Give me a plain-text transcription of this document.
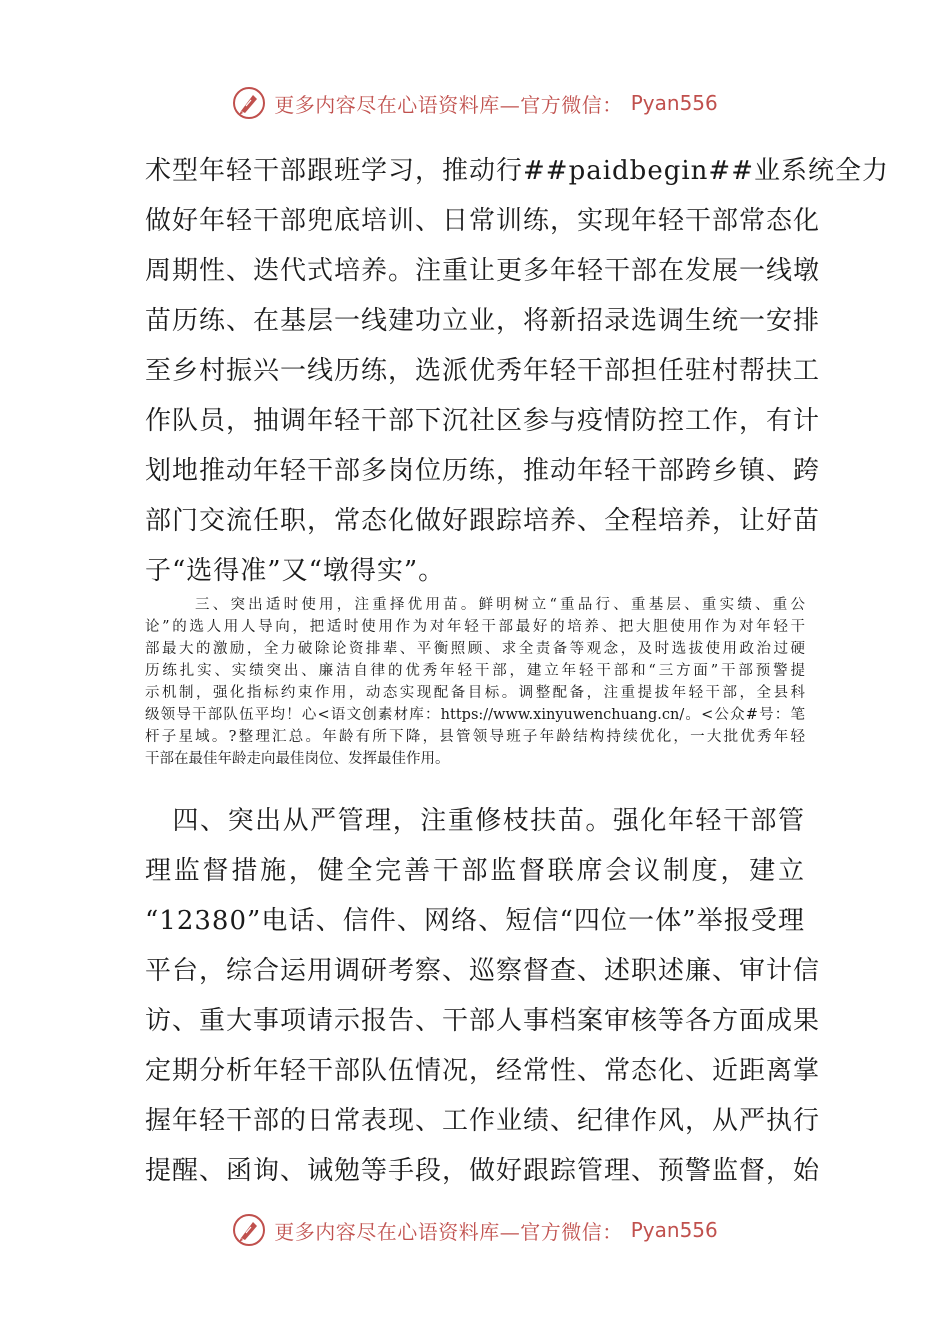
更多内容尽在心语资料库—官方微信： Pyan556
术型年轻干部跟班学习，推动行##paidbegin##业系统全力
做好年轻干部兜底培训、日常训练，实现年轻干部常态化
周期性、迭代式培养。注重让更多年轻干部在发展一线墩
苗历练、在基层一线建功立业，将新招录选调生统一安排
至乡村振兴一线历练，选派优秀年轻干部担任驻村帮扶工
作队员，抽调年轻干部下沉社区参与疫情防控工作，有计
划地推动年轻干部多岗位历练，推动年轻干部跨乡镇、跨
部门交流任职，常态化做好跟踪培养、全程培养，让好苗
子“选得准”又“墩得实”。
三、突出适时使用，注重择优用苗。鲜明树立“重品行、重基层、重实绩、重公
论”的选人用人导向，把适时使用作为对年轻干部最好的培养、把大胆使用作为对年轻干
部最大的激励，全力破除论资排辈、平衡照顾、求全责备等观念，及时选拔使用政治过硬
历练扎实、实绩突出、廉洁自律的优秀年轻干部，建立年轻干部和“三方面”干部预警提
示机制，强化指标约束作用，动态实现配备目标。调整配备，注重提拔年轻干部，全县科
级领导干部队伍平均！心<语文创素材库：https://www.xinyuwenchuang.cn/。<公众#号：笔
杆子星域。?整理汇总。年龄有所下降，县管领导班子年龄结构持续优化，一大批优秀年轻
干部在最佳年龄走向最佳岗位、发挥最佳作用。
　四、突出从严管理，注重修枝扶苗。强化年轻干部管
理监督措施，健全完善干部监督联席会议制度，建立
“12380”电话、信件、网络、短信“四位一体”举报受理
平台，综合运用调研考察、巡察督查、述职述廉、审计信
访、重大事项请示报告、干部人事档案审核等各方面成果
定期分析年轻干部队伍情况，经常性、常态化、近距离掌
握年轻干部的日常表现、工作业绩、纪律作风，从严执行
提醒、函询、诫勉等手段，做好跟踪管理、预警监督，始
更多内容尽在心语资料库—官方微信： Pyan556
